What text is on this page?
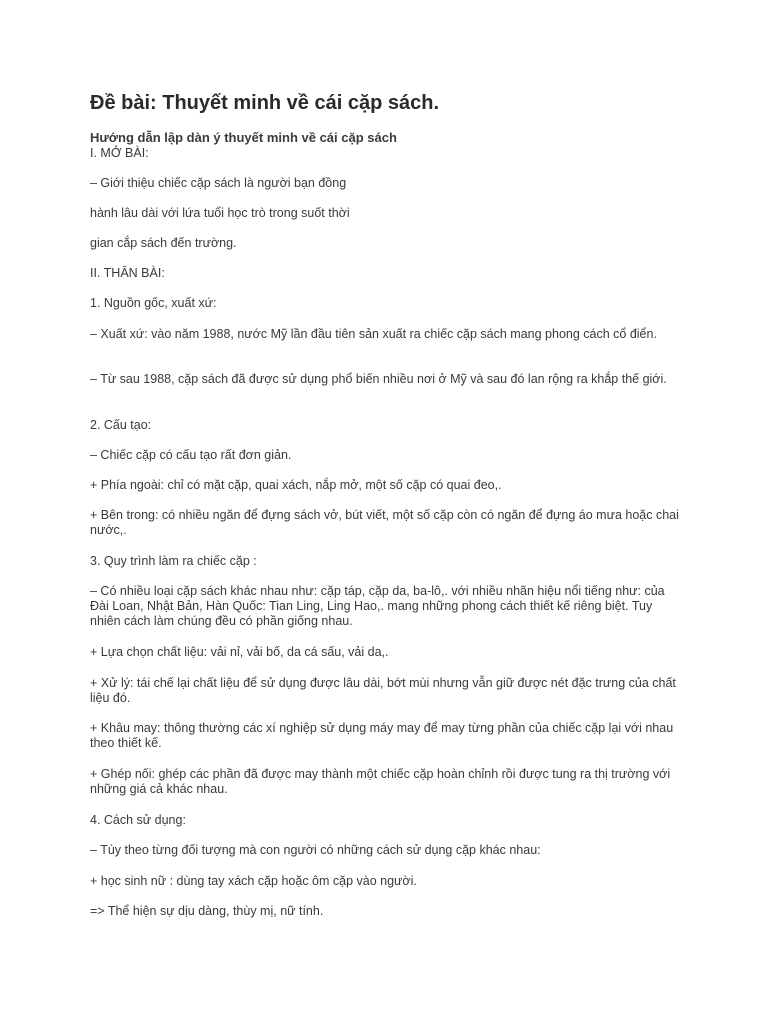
Đề bài: Thuyết minh về cái cặp sách.
Hướng dẫn lập dàn ý thuyết minh về cái cặp sách

I. MỞ BÀI:

– Giới thiệu chiếc cặp sách là người bạn đồng

hành lâu dài với lứa tuổi học trò trong suốt thời

gian cắp sách đến trường.

II. THÂN BÀI:

1. Nguồn gốc, xuất xứ:

– Xuất xứ: vào năm 1988, nước Mỹ lần đầu tiên sản xuất ra chiếc cặp sách mang phong cách cổ điển.

– Từ sau 1988, cặp sách đã được sử dụng phổ biến nhiều nơi ở Mỹ và sau đó lan rộng ra khắp thế giới.

2. Cấu tạo:

– Chiếc cặp có cấu tạo rất đơn giản.

+ Phía ngoài: chỉ có mặt cặp, quai xách, nắp mở, một số cặp có quai đeo,.

+ Bên trong: có nhiều ngăn để đựng sách vở, bút viết, một số cặp còn có ngăn để đựng áo mưa hoặc chai nước,.

3. Quy trình làm ra chiếc cặp :

– Có nhiều loại cặp sách khác nhau như: cặp táp, cặp da, ba-lô,. với nhiều nhãn hiệu nổi tiếng như: của Đài Loan, Nhật Bản, Hàn Quốc: Tian Ling, Ling Hao,. mang những phong cách thiết kế riêng biệt. Tuy nhiên cách làm chúng đều có phần giống nhau.

+ Lựa chọn chất liệu: vải nỉ, vải bố, da cá sấu, vải da,.

+ Xử lý: tái chế lại chất liệu để sử dụng được lâu dài, bớt mùi nhưng vẫn giữ được nét đặc trưng của chất liệu đó.

+ Khâu may: thông thường các xí nghiệp sử dụng máy may để may từng phần của chiếc cặp lại với nhau theo thiết kế.

+ Ghép nối: ghép các phần đã được may thành một chiếc cặp hoàn chỉnh rồi được tung ra thị trường với những giá cả khác nhau.

4. Cách sử dụng:

– Tùy theo từng đối tượng mà con người có những cách sử dụng cặp khác nhau:

+ học sinh nữ : dùng tay xách cặp hoặc ôm cặp vào người.

=> Thể hiện sự dịu dàng, thùy mị, nữ tính.
